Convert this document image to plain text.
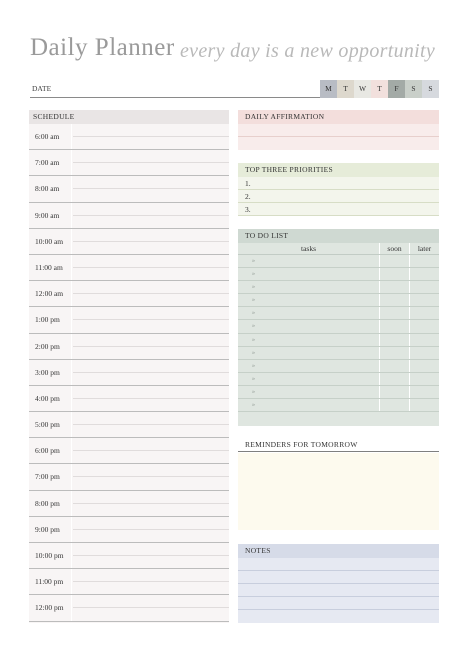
Daily Planner every day is a new opportunity
DATE	M	T	W	T	F	S	S
SCHEDULE
6:00 am
7:00 am
8:00 am
9:00 am
10:00 am
11:00 am
12:00 am
1:00 pm
2:00 pm
3:00 pm
4:00 pm
5:00 pm
6:00 pm
7:00 pm
8:00 pm
9:00 pm
10:00 pm
11:00 pm
12:00 pm
DAILY AFFIRMATION
TOP THREE PRIORITIES
1.
2.
3.
TO DO LIST
tasks	soon	later
»
»
»
»
»
»
»
»
»
»
»
»
REMINDERS FOR TOMORROW
NOTES
